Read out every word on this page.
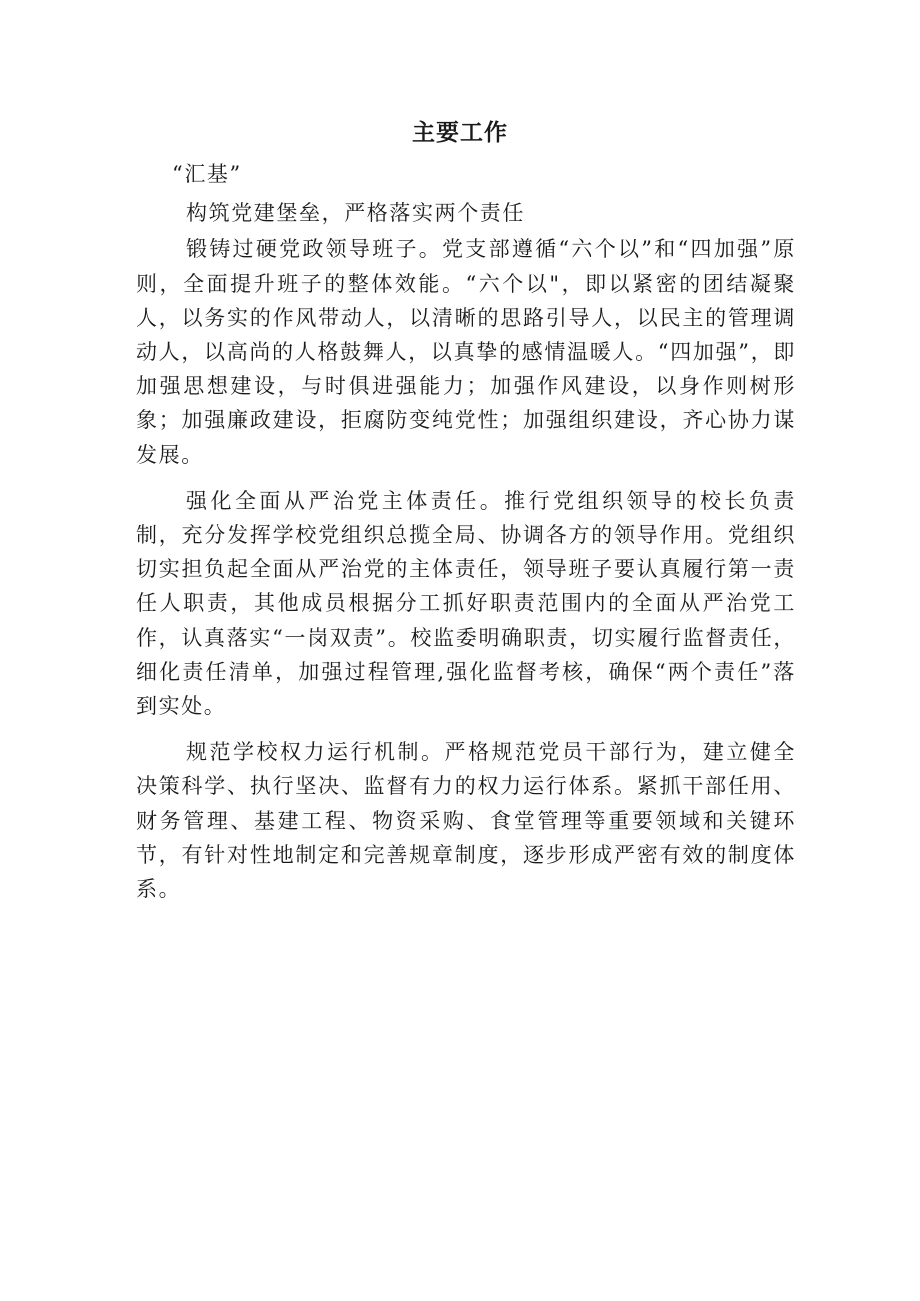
主要工作

“汇基”

构筑党建堡垒，严格落实两个责任

锻铸过硬党政领导班子。党支部遵循“六个以”和“四加强”原则，全面提升班子的整体效能。“六个以"，即以紧密的团结凝聚人，以务实的作风带动人，以清晰的思路引导人，以民主的管理调动人，以高尚的人格鼓舞人，以真挚的感情温暖人。“四加强”，即加强思想建设，与时俱进强能力；加强作风建设，以身作则树形象；加强廉政建设，拒腐防变纯党性；加强组织建设，齐心协力谋发展。

强化全面从严治党主体责任。推行党组织领导的校长负责制，充分发挥学校党组织总揽全局、协调各方的领导作用。党组织切实担负起全面从严治党的主体责任，领导班子要认真履行第一责任人职责，其他成员根据分工抓好职责范围内的全面从严治党工作，认真落实“一岗双责”。校监委明确职责，切实履行监督责任，细化责任清单，加强过程管理,强化监督考核，确保“两个责任”落到实处。

规范学校权力运行机制。严格规范党员干部行为，建立健全决策科学、执行坚决、监督有力的权力运行体系。紧抓干部任用、财务管理、基建工程、物资采购、食堂管理等重要领域和关键环节，有针对性地制定和完善规章制度，逐步形成严密有效的制度体系。
